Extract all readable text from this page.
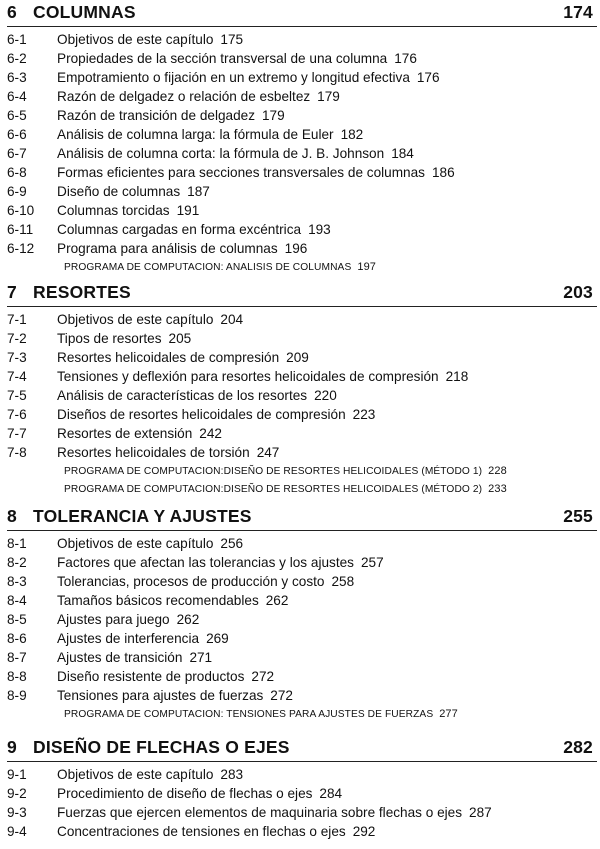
6 COLUMNAS	174
6-1 Objetivos de este capítulo 175
6-2 Propiedades de la sección transversal de una columna 176
6-3 Empotramiento o fijación en un extremo y longitud efectiva 176
6-4 Razón de delgadez o relación de esbeltez 179
6-5 Razón de transición de delgadez 179
6-6 Análisis de columna larga: la fórmula de Euler 182
6-7 Análisis de columna corta: la fórmula de J. B. Johnson 184
6-8 Formas eficientes para secciones transversales de columnas 186
6-9 Diseño de columnas 187
6-10 Columnas torcidas 191
6-11 Columnas cargadas en forma excéntrica 193
6-12 Programa para análisis de columnas 196
PROGRAMA DE COMPUTACION: ANALISIS DE COLUMNAS 197
7 RESORTES	203
7-1 Objetivos de este capítulo 204
7-2 Tipos de resortes 205
7-3 Resortes helicoidales de compresión 209
7-4 Tensiones y deflexión para resortes helicoidales de compresión 218
7-5 Análisis de características de los resortes 220
7-6 Diseños de resortes helicoidales de compresión 223
7-7 Resortes de extensión 242
7-8 Resortes helicoidales de torsión 247
PROGRAMA DE COMPUTACION:DISEÑO DE RESORTES HELICOIDALES (MÉTODO 1) 228
PROGRAMA DE COMPUTACION:DISEÑO DE RESORTES HELICOIDALES (MÉTODO 2) 233
8 TOLERANCIA Y AJUSTES	255
8-1 Objetivos de este capítulo 256
8-2 Factores que afectan las tolerancias y los ajustes 257
8-3 Tolerancias, procesos de producción y costo 258
8-4 Tamaños básicos recomendables 262
8-5 Ajustes para juego 262
8-6 Ajustes de interferencia 269
8-7 Ajustes de transición 271
8-8 Diseño resistente de productos 272
8-9 Tensiones para ajustes de fuerzas 272
PROGRAMA DE COMPUTACION: TENSIONES PARA AJUSTES DE FUERZAS 277
9 DISEÑO DE FLECHAS O EJES	282
9-1 Objetivos de este capítulo 283
9-2 Procedimiento de diseño de flechas o ejes 284
9-3 Fuerzas que ejercen elementos de maquinaria sobre flechas o ejes 287
9-4 Concentraciones de tensiones en flechas o ejes 292
